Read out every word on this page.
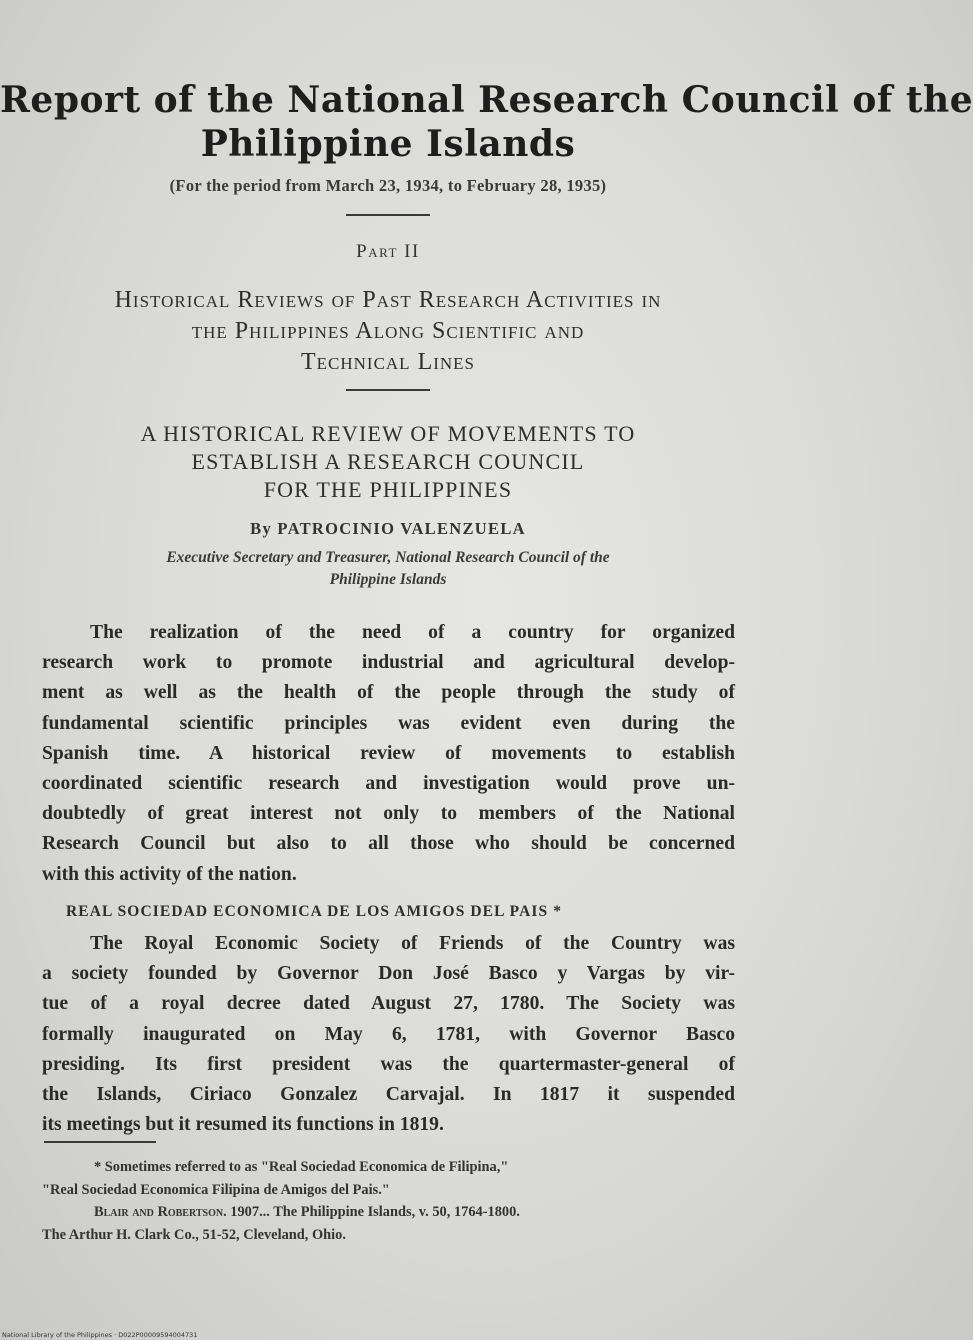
Report of the National Research Council of the
Philippine Islands
(For the period from March 23, 1934, to February 28, 1935)
Part II
Historical Reviews of Past Research Activities in
the Philippines Along Scientific and
Technical Lines
A HISTORICAL REVIEW OF MOVEMENTS TO
ESTABLISH A RESEARCH COUNCIL
FOR THE PHILIPPINES
By PATROCINIO VALENZUELA
Executive Secretary and Treasurer, National Research Council of the
Philippine Islands
The realization of the need of a country for organized
research work to promote industrial and agricultural develop-
ment as well as the health of the people through the study of
fundamental scientific principles was evident even during the
Spanish time. A historical review of movements to establish
coordinated scientific research and investigation would prove un-
doubtedly of great interest not only to members of the National
Research Council but also to all those who should be concerned
with this activity of the nation.
REAL SOCIEDAD ECONOMICA DE LOS AMIGOS DEL PAIS *
The Royal Economic Society of Friends of the Country was
a society founded by Governor Don José Basco y Vargas by vir-
tue of a royal decree dated August 27, 1780. The Society was
formally inaugurated on May 6, 1781, with Governor Basco
presiding. Its first president was the quartermaster-general of
the Islands, Ciriaco Gonzalez Carvajal. In 1817 it suspended
its meetings but it resumed its functions in 1819.
* Sometimes referred to as "Real Sociedad Economica de Filipina,"
"Real Sociedad Economica Filipina de Amigos del Pais."
Blair and Robertson. 1907... The Philippine Islands, v. 50, 1764-1800.
The Arthur H. Clark Co., 51-52, Cleveland, Ohio.
National Library of the Philippines · D022P00009594004731
